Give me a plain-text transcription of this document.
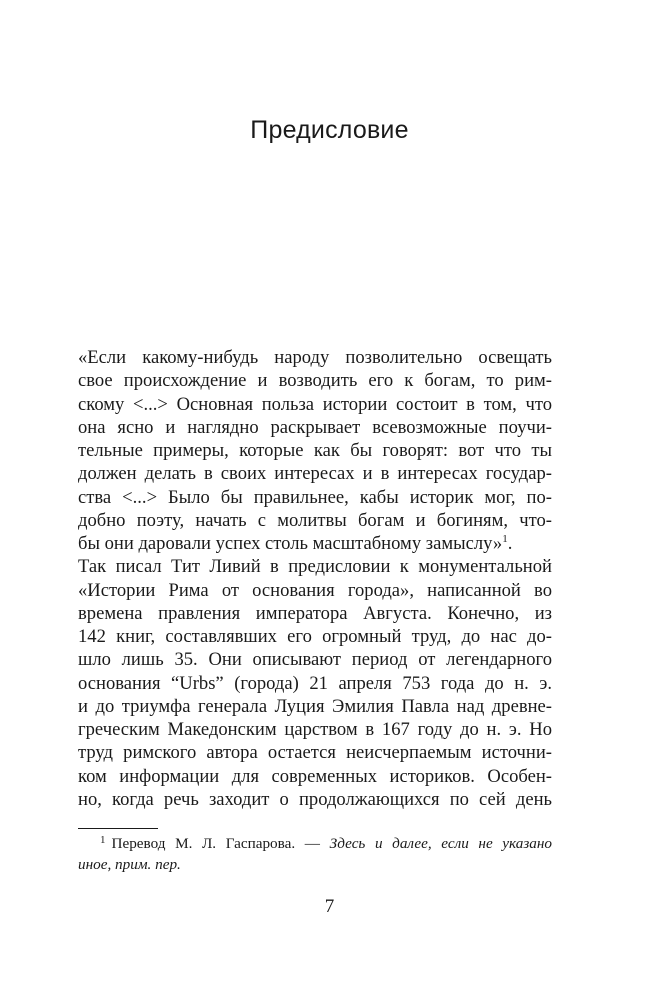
Предисловие
«Если какому-нибудь народу позволительно освещать
свое происхождение и возводить его к богам, то рим-
скому <...> Основная польза истории состоит в том, что
она ясно и наглядно раскрывает всевозможные поучи-
тельные примеры, которые как бы говорят: вот что ты
должен делать в своих интересах и в интересах государ-
ства <...> Было бы правильнее, кабы историк мог, по-
добно поэту, начать с молитвы богам и богиням, что-
бы они даровали успех столь масштабному замыслу»$^1$.
Так писал Тит Ливий в предисловии к монументальной
«Истории Рима от основания города», написанной во
времена правления императора Августа. Конечно, из
142 книг, составлявших его огромный труд, до нас до-
шло лишь 35. Они описывают период от легендарного
основания “Urbs” (города) 21 апреля 753 года до н. э.
и до триумфа генерала Луция Эмилия Павла над древне-
греческим Македонским царством в 167 году до н. э. Но
труд римского автора остается неисчерпаемым источни-
ком информации для современных историков. Особен-
но, когда речь заходит о продолжающихся по сей день
$^1$ Перевод М. Л. Гаспарова. — Здесь и далее, если не указано
иное, прим. пер.
7
